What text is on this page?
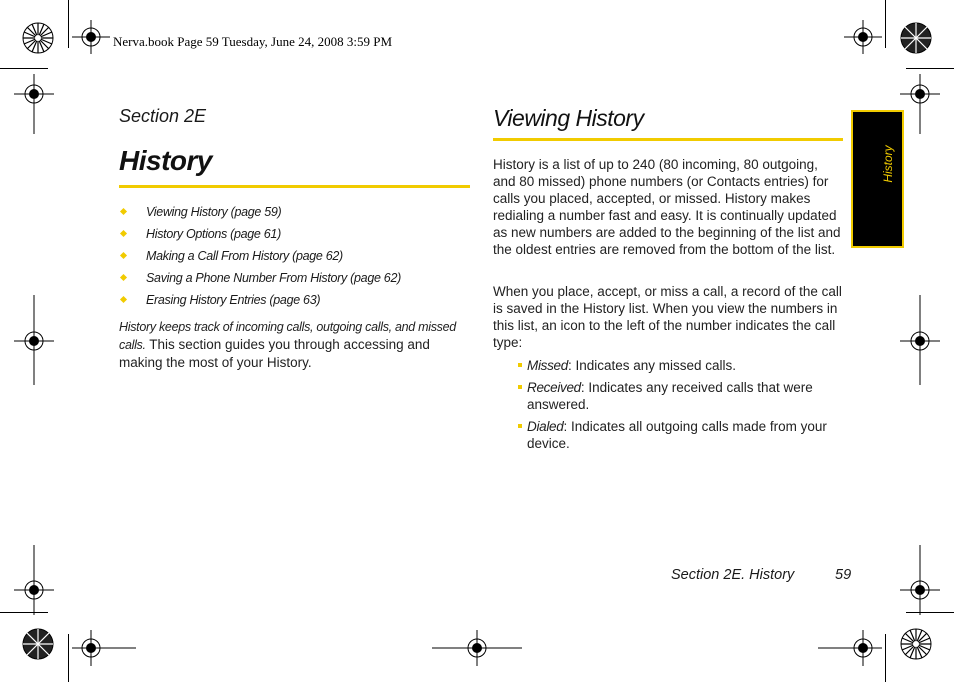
Nerva.book Page 59 Tuesday, June 24, 2008 3:59 PM
Section 2E
History
Viewing History (page 59)
History Options (page 61)
Making a Call From History (page 62)
Saving a Phone Number From History (page 62)
Erasing History Entries (page 63)
History keeps track of incoming calls, outgoing calls, and missed calls. This section guides you through accessing and making the most of your History.
Viewing History
History is a list of up to 240 (80 incoming, 80 outgoing, and 80 missed) phone numbers (or Contacts entries) for calls you placed, accepted, or missed. History makes redialing a number fast and easy. It is continually updated as new numbers are added to the beginning of the list and the oldest entries are removed from the bottom of the list.
When you place, accept, or miss a call, a record of the call is saved in the History list. When you view the numbers in this list, an icon to the left of the number indicates the call type:
Missed: Indicates any missed calls.
Received: Indicates any received calls that were answered.
Dialed: Indicates all outgoing calls made from your device.
History
Section 2E. History	59
